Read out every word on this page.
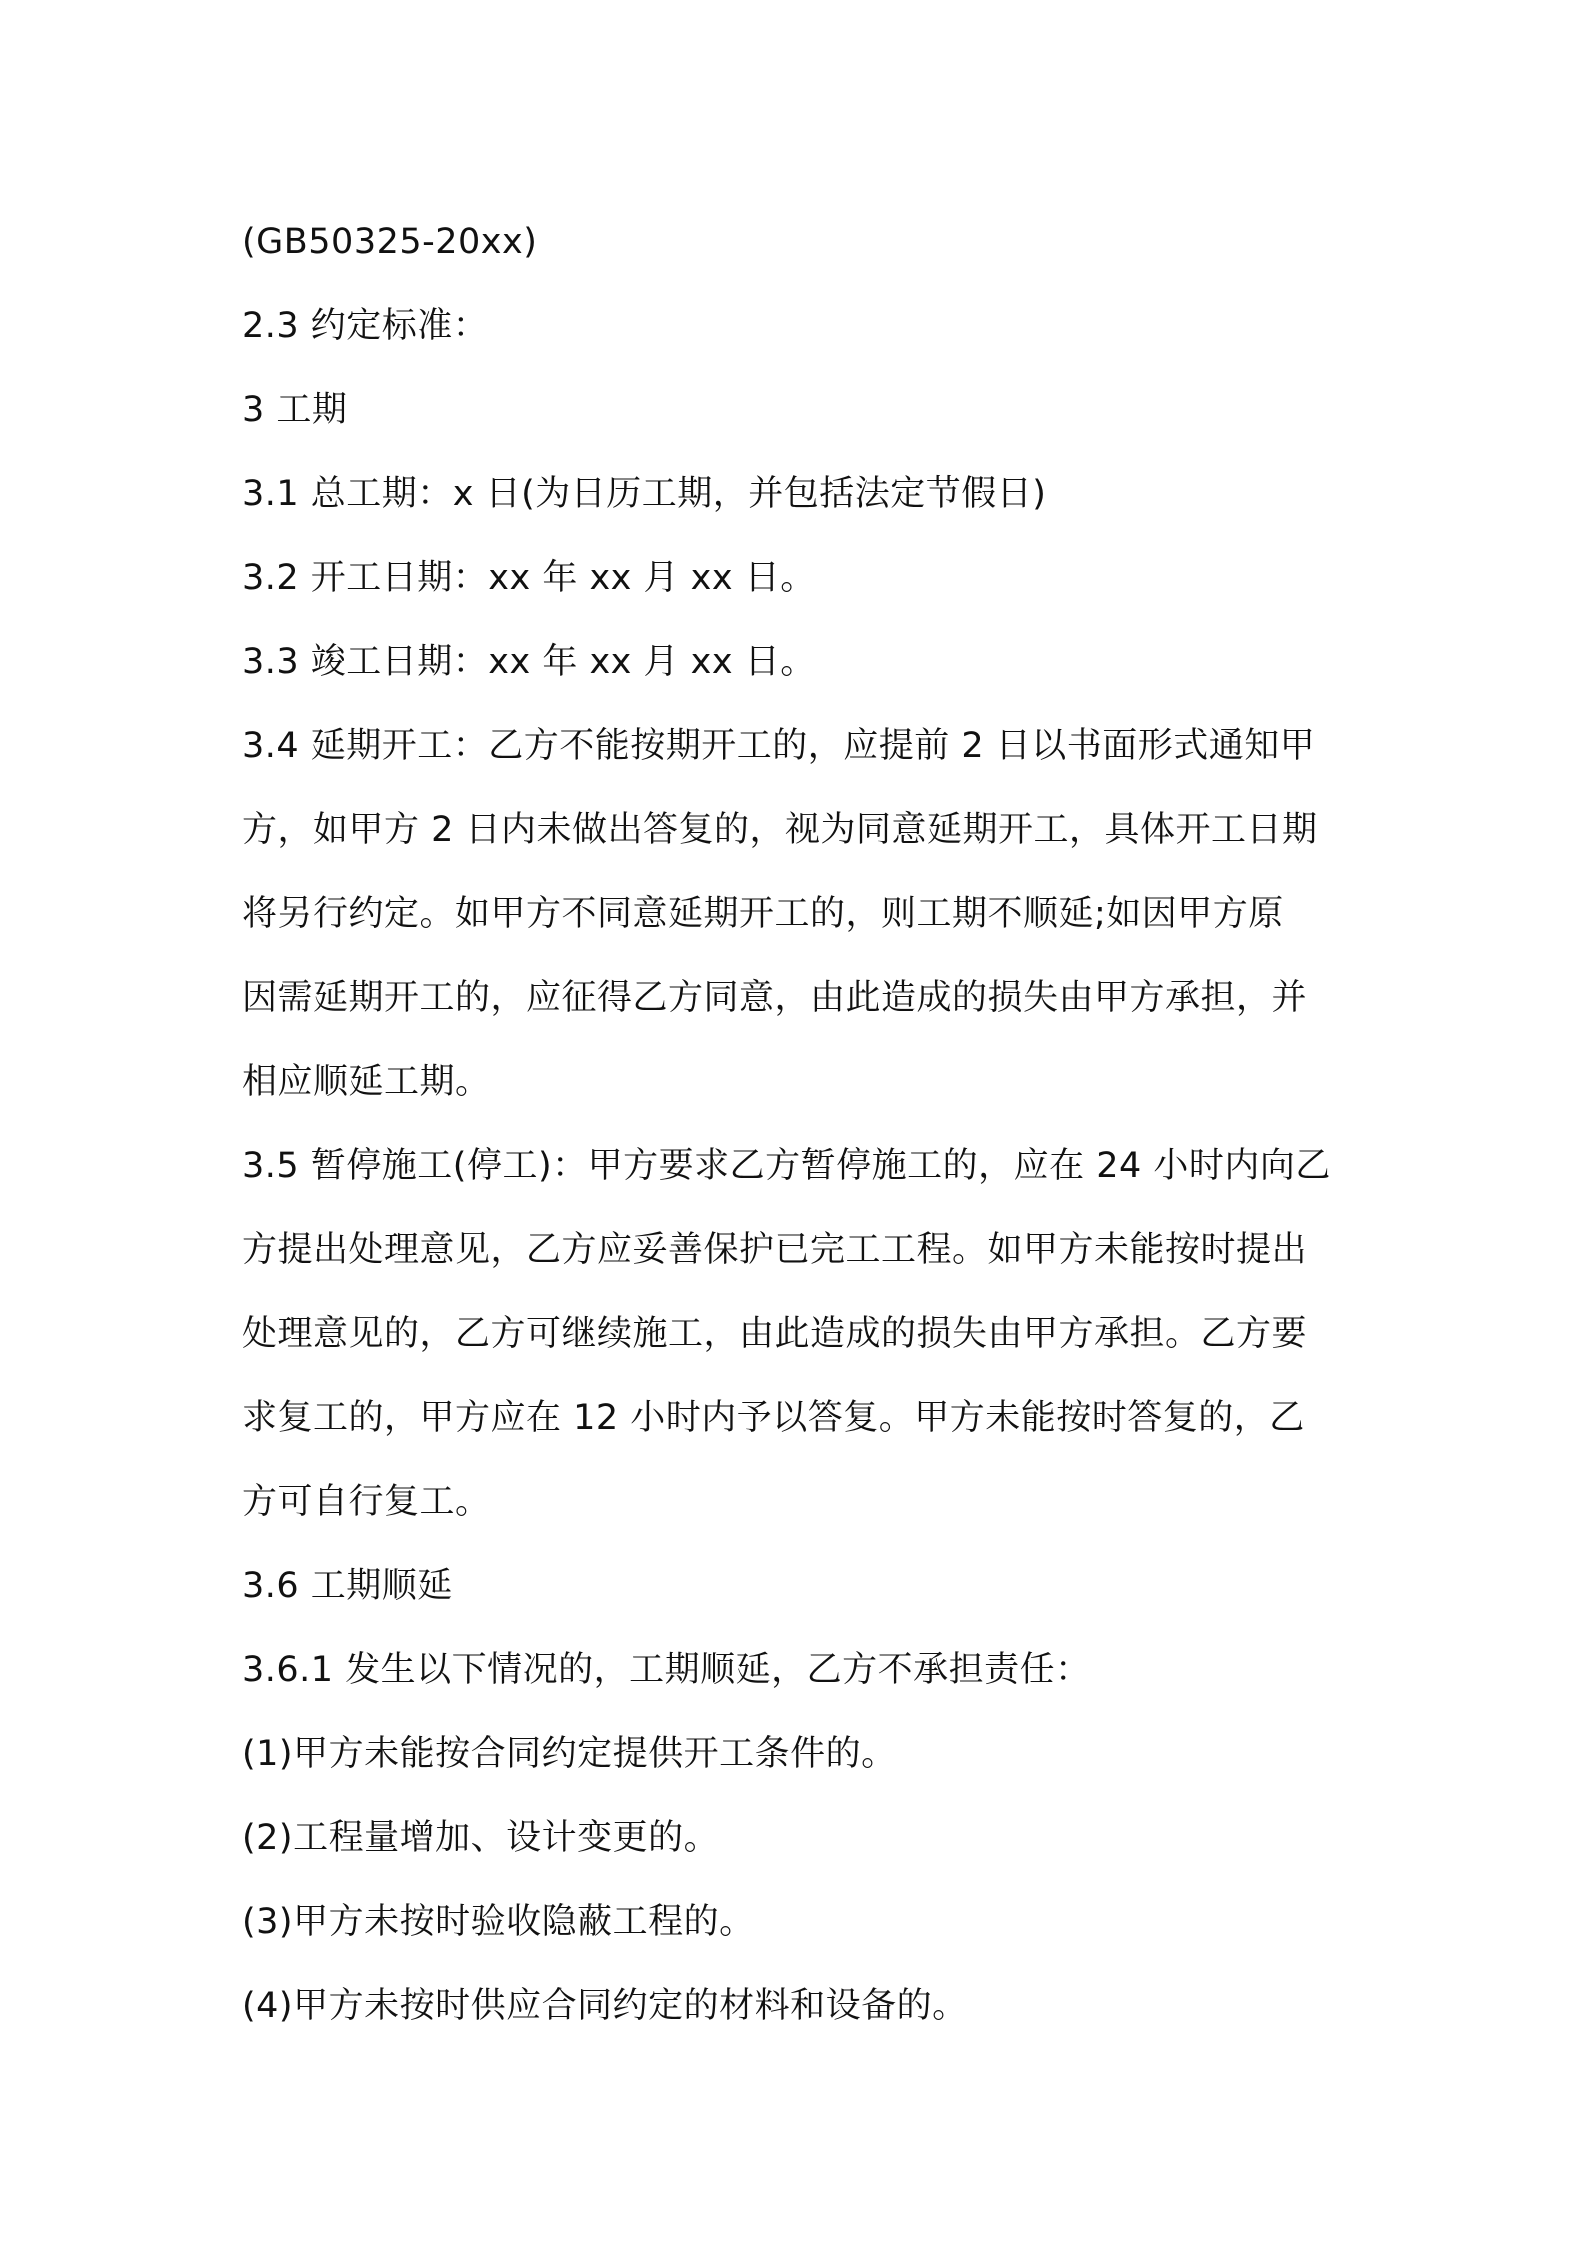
(GB50325-20xx)
2.3 约定标准：
3 工期
3.1 总工期：x 日(为日历工期，并包括法定节假日)
3.2 开工日期：xx 年 xx 月 xx 日。
3.3 竣工日期：xx 年 xx 月 xx 日。
3.4 延期开工：乙方不能按期开工的，应提前 2 日以书面形式通知甲
方，如甲方 2 日内未做出答复的，视为同意延期开工，具体开工日期
将另行约定。如甲方不同意延期开工的，则工期不顺延;如因甲方原
因需延期开工的，应征得乙方同意，由此造成的损失由甲方承担，并
相应顺延工期。
3.5 暂停施工(停工)：甲方要求乙方暂停施工的，应在 24 小时内向乙
方提出处理意见，乙方应妥善保护已完工工程。如甲方未能按时提出
处理意见的，乙方可继续施工，由此造成的损失由甲方承担。乙方要
求复工的，甲方应在 12 小时内予以答复。甲方未能按时答复的，乙
方可自行复工。
3.6 工期顺延
3.6.1 发生以下情况的，工期顺延，乙方不承担责任：
(1)甲方未能按合同约定提供开工条件的。
(2)工程量增加、设计变更的。
(3)甲方未按时验收隐蔽工程的。
(4)甲方未按时供应合同约定的材料和设备的。
